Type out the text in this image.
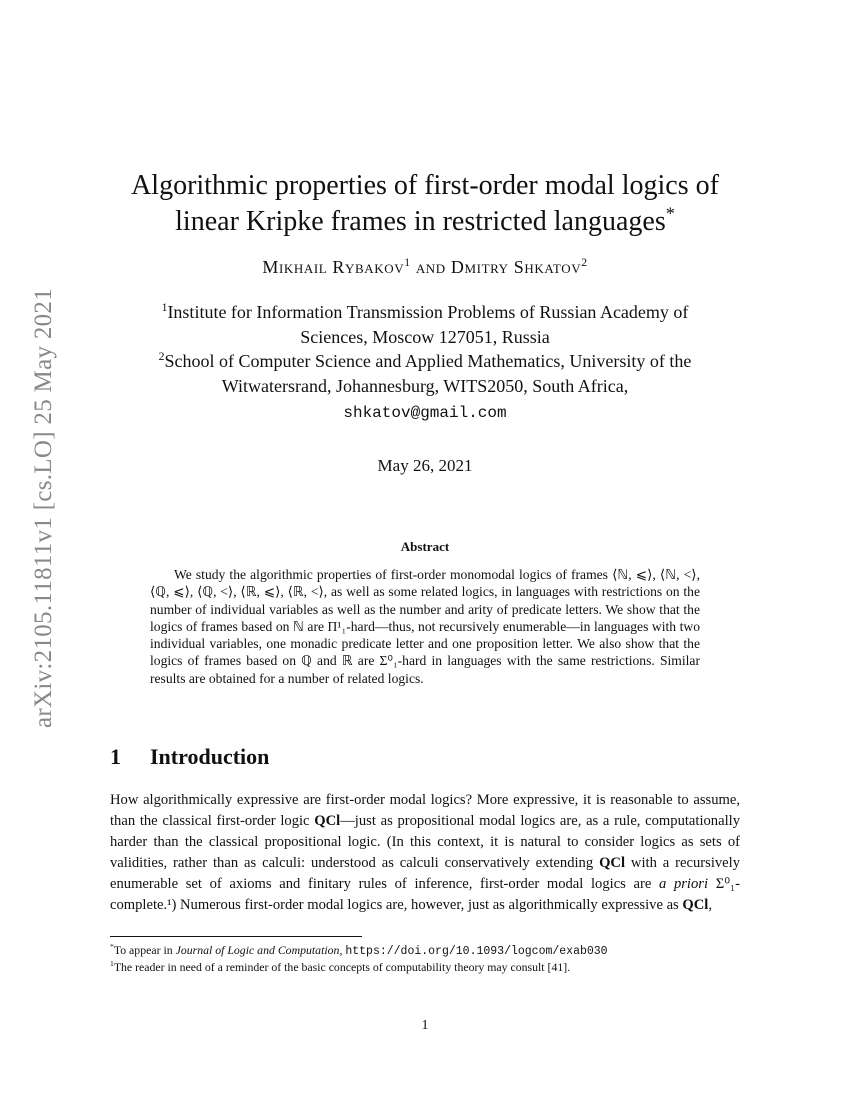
arXiv:2105.11811v1 [cs.LO] 25 May 2021
Algorithmic properties of first-order modal logics of linear Kripke frames in restricted languages*
Mikhail Rybakov$^1$ and Dmitry Shkatov$^2$
$^1$Institute for Information Transmission Problems of Russian Academy of
Sciences, Moscow 127051, Russia
$^2$School of Computer Science and Applied Mathematics, University of the
Witwatersrand, Johannesburg, WITS2050, South Africa,
shkatov@gmail.com
May 26, 2021
Abstract
We study the algorithmic properties of first-order monomodal logics of frames ⟨ℕ, ⩽⟩, ⟨ℕ, <⟩, ⟨ℚ, ⩽⟩, ⟨ℚ, <⟩, ⟨ℝ, ⩽⟩, ⟨ℝ, <⟩, as well as some related logics, in languages with restrictions on the number of individual variables as well as the number and arity of predicate letters. We show that the logics of frames based on ℕ are Π¹₁-hard—thus, not recursively enumerable—in languages with two individual variables, one monadic predicate letter and one proposition letter. We also show that the logics of frames based on ℚ and ℝ are Σ⁰₁-hard in languages with the same restrictions. Similar results are obtained for a number of related logics.
1 Introduction
How algorithmically expressive are first-order modal logics? More expressive, it is reasonable to assume, than the classical first-order logic QCl—just as propositional modal logics are, as a rule, computationally harder than the classical propositional logic. (In this context, it is natural to consider logics as sets of validities, rather than as calculi: understood as calculi conservatively extending QCl with a recursively enumerable set of axioms and finitary rules of inference, first-order modal logics are a priori Σ⁰₁-complete.¹) Numerous first-order modal logics are, however, just as algorithmically expressive as QCl,
*To appear in Journal of Logic and Computation, https://doi.org/10.1093/logcom/exab030
$^1$The reader in need of a reminder of the basic concepts of computability theory may consult [41].
1
